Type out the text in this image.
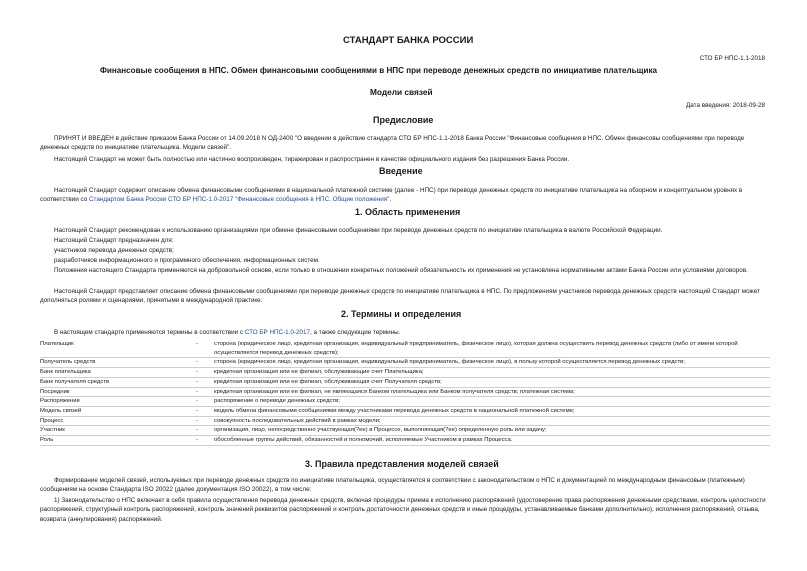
СТАНДАРТ БАНКА РОССИИ
СТО БР НПС-1.1-2018
Финансовые сообщения в НПС. Обмен финансовыми сообщениями в НПС при переводе денежных средств по инициативе плательщика
Модели связей
Дата введения: 2018-09-28
Предисловие
ПРИНЯТ И ВВЕДЕН в действие приказом Банка России от 14.09.2018 N ОД-2400 "О введении в действие стандарта СТО БР НПС-1.1-2018 Банка России "Финансовые сообщения в НПС. Обмен финансовы сообщениями при переводе денежных средств по инициативе плательщика. Модели связей".
Настоящий Стандарт не может быть полностью или частично воспроизведен, тиражирован и распространен в качестве официального издания без разрешения Банка России.
Введение
Настоящий Стандарт содержит описание обмена финансовыми сообщениями в национальной платежной системе (далее - НПС) при переводе денежных средств по инициативе плательщика на обзорном и концептуальном уровнях в соответствии со Стандартом Банка России СТО БР НПС-1.0-2017 "Финансовые сообщения в НПС. Общие положения".
1. Область применения
Настоящий Стандарт рекомендован к использованию организациями при обмене финансовыми сообщениями при переводе денежных средств по инициативе плательщика в валюте Российской Федерации.
Настоящий Стандарт предназначен для:
участников перевода денежных средств;
разработчиков информационного и программного обеспечения, информационных систем.
Положения настоящего Стандарта применяются на добровольной основе, если только в отношении конкретных положений обязательность их применения не установлена нормативными актами Банка России или условиями договоров.
Настоящий Стандарт представляет описание обмена финансовыми сообщениями при переводе денежных средств по инициативе плательщика в НПС. По предложениям участников перевода денежных средств настоящий Стандарт может дополняться ролями и сценариями, принятыми в международной практике.
2. Термины и определения
В настоящем стандарте применяются термины в соответствии с СТО БР НПС-1.0-2017, а также следующие термины.
Плательщик	-	сторона (юридическое лицо, кредитная организация, индивидуальный предприниматель, физическое лицо), которая должна осуществить перевод денежных средств (либо от имени которой осуществляется перевод денежных средств);
Получатель средств	-	сторона (юридическое лицо, кредитная организация, индивидуальный предприниматель, физическое лицо), в пользу которой осуществляется перевод денежных средств;
Банк плательщика	-	кредитная организация или ее филиал, обслуживающие счет Плательщика;
Банк получателя средств	-	кредитная организация или ее филиал, обслуживающая счет Получателя средств;
Посредник	-	кредитная организация или ее филиал, не являющаяся Банком плательщика или Банком получателя средств; платежная система;
Распоряжение	-	распоряжение о переводе денежных средств;
Модель связей	-	модель обмена финансовыми сообщениями между участниками перевода денежных средств в национальной платежной системе;
Процесс	-	совокупность последовательных действий в рамках модели;
Участник	-	организация, лицо, непосредственно участвующая(?ее) в Процессе, выполняющая(?ее) определенную роль или задачу;
Роль	-	обособленные группы действий, обязанностей и полномочий, исполняемые Участником в рамках Процесса.
3. Правила представления моделей связей
Формирование моделей связей, используемых при переводе денежных средств по инициативе плательщика, осуществляется в соответствии с законодательством о НПС и документацией по международным финансовым (платежным) сообщениям на основе Стандарта ISO 20022 (далее документация ISO 20022), в том числе:
1) Законодательство о НПС включает в себя правила осуществления перевода денежных средств, включая процедуры приема к исполнению распоряжений (удостоверение права распоряжения денежными средствами, контроль целостности распоряжений, структурный контроль распоряжений, контроль значений реквизитов распоряжений и контроль достаточности денежных средств и иные процедуры, устанавливаемые банками дополнительно), исполнения распоряжений, отзыва, возврата (аннулирования) распоряжений.
